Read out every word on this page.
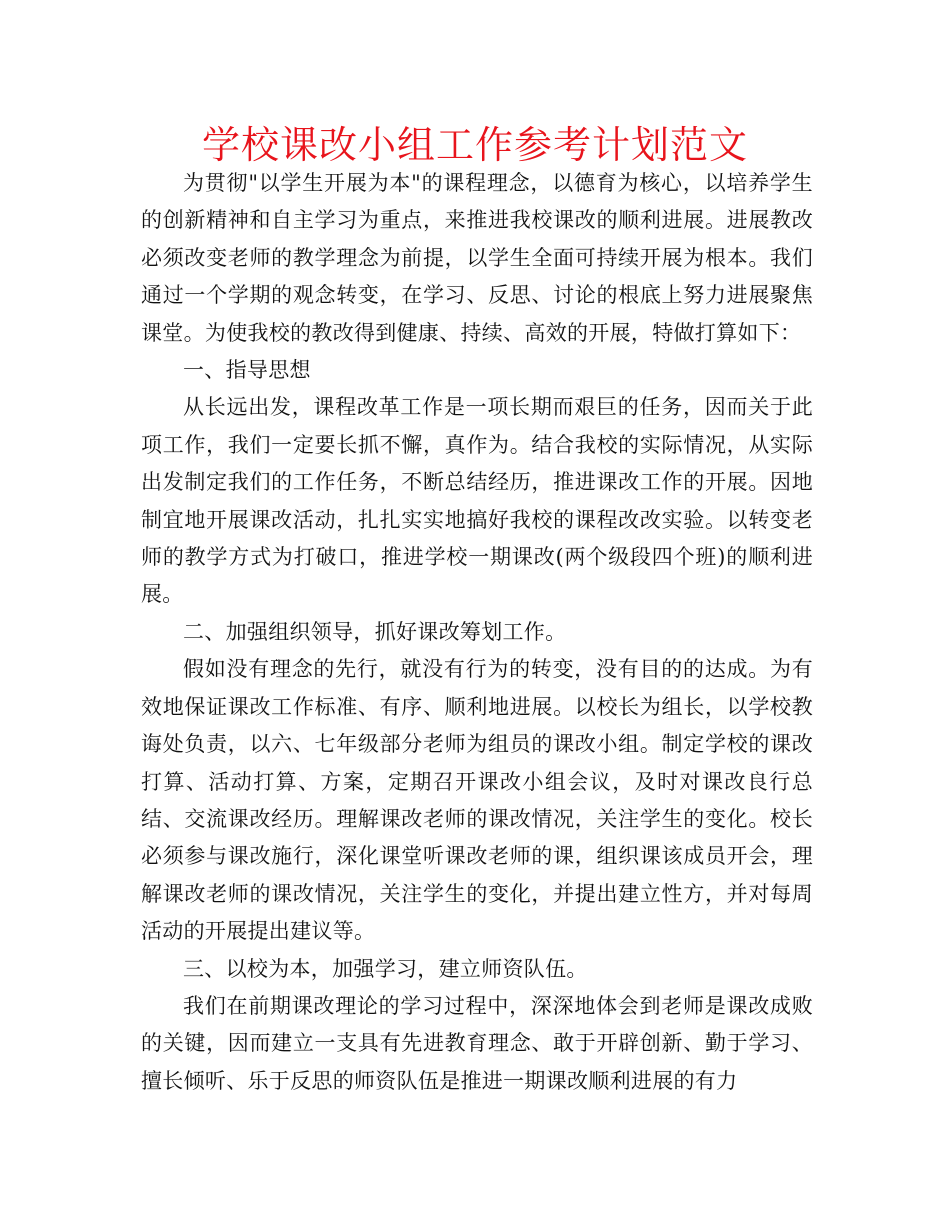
学校课改小组工作参考计划范文

为贯彻"以学生开展为本"的课程理念，以德育为核心，以培养学生的创新精神和自主学习为重点，来推进我校课改的顺利进展。进展教改必须改变老师的教学理念为前提，以学生全面可持续开展为根本。我们通过一个学期的观念转变，在学习、反思、讨论的根底上努力进展聚焦课堂。为使我校的教改得到健康、持续、高效的开展，特做打算如下：

一、指导思想

从长远出发，课程改革工作是一项长期而艰巨的任务，因而关于此项工作，我们一定要长抓不懈，真作为。结合我校的实际情况，从实际出发制定我们的工作任务，不断总结经历，推进课改工作的开展。因地制宜地开展课改活动，扎扎实实地搞好我校的课程改改实验。以转变老师的教学方式为打破口，推进学校一期课改(两个级段四个班)的顺利进展。

二、加强组织领导，抓好课改筹划工作。

假如没有理念的先行，就没有行为的转变，没有目的的达成。为有效地保证课改工作标准、有序、顺利地进展。以校长为组长，以学校教诲处负责，以六、七年级部分老师为组员的课改小组。制定学校的课改打算、活动打算、方案，定期召开课改小组会议，及时对课改良行总结、交流课改经历。理解课改老师的课改情况，关注学生的变化。校长必须参与课改施行，深化课堂听课改老师的课，组织课该成员开会，理解课改老师的课改情况，关注学生的变化，并提出建立性方，并对每周活动的开展提出建议等。

三、以校为本，加强学习，建立师资队伍。

我们在前期课改理论的学习过程中，深深地体会到老师是课改成败的关键，因而建立一支具有先进教育理念、敢于开辟创新、勤于学习、擅长倾听、乐于反思的师资队伍是推进一期课改顺利进展的有力
